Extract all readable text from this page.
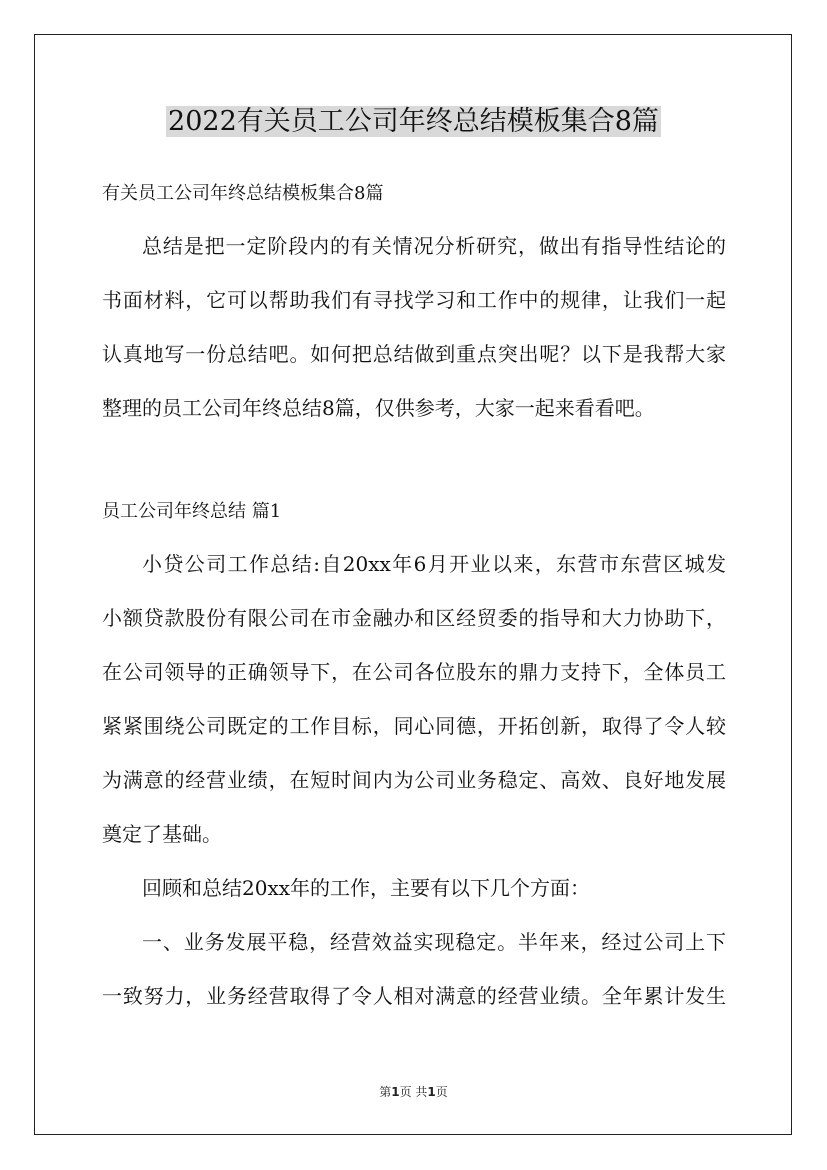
2022有关员工公司年终总结模板集合8篇
有关员工公司年终总结模板集合8篇
总结是把一定阶段内的有关情况分析研究，做出有指导性结论的
书面材料，它可以帮助我们有寻找学习和工作中的规律，让我们一起
认真地写一份总结吧。如何把总结做到重点突出呢？以下是我帮大家
整理的员工公司年终总结8篇，仅供参考，大家一起来看看吧。
员工公司年终总结 篇1
小贷公司工作总结:自20xx年6月开业以来，东营市东营区城发
小额贷款股份有限公司在市金融办和区经贸委的指导和大力协助下，
在公司领导的正确领导下，在公司各位股东的鼎力支持下，全体员工
紧紧围绕公司既定的工作目标，同心同德，开拓创新，取得了令人较
为满意的经营业绩，在短时间内为公司业务稳定、高效、良好地发展
奠定了基础。
回顾和总结20xx年的工作，主要有以下几个方面：
一、业务发展平稳，经营效益实现稳定。半年来，经过公司上下
一致努力，业务经营取得了令人相对满意的经营业绩。全年累计发生
第1页 共1页
